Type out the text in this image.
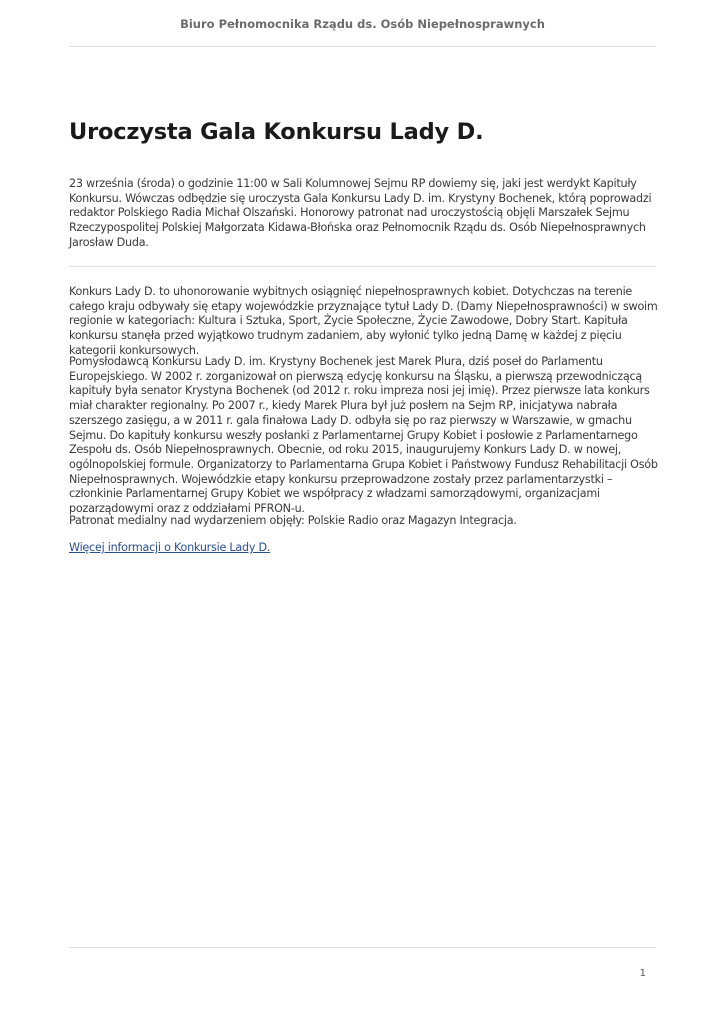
Biuro Pełnomocnika Rządu ds. Osób Niepełnosprawnych

Uroczysta Gala Konkursu Lady D.

23 września (środa) o godzinie 11:00 w Sali Kolumnowej Sejmu RP dowiemy się, jaki jest werdykt Kapituły Konkursu. Wówczas odbędzie się uroczysta Gala Konkursu Lady D. im. Krystyny Bochenek, którą poprowadzi redaktor Polskiego Radia Michał Olszański. Honorowy patronat nad uroczystością objęli Marszałek Sejmu Rzeczypospolitej Polskiej Małgorzata Kidawa-Błońska oraz Pełnomocnik Rządu ds. Osób Niepełnosprawnych Jarosław Duda.

Konkurs Lady D. to uhonorowanie wybitnych osiągnięć niepełnosprawnych kobiet. Dotychczas na terenie całego kraju odbywały się etapy wojewódzkie przyznające tytuł Lady D. (Damy Niepełnosprawności) w swoim regionie w kategoriach: Kultura i Sztuka, Sport, Życie Społeczne, Życie Zawodowe, Dobry Start. Kapituła konkursu stanęła przed wyjątkowo trudnym zadaniem, aby wyłonić tylko jedną Damę w każdej z pięciu kategorii konkursowych.

Pomysłodawcą Konkursu Lady D. im. Krystyny Bochenek jest Marek Plura, dziś poseł do Parlamentu Europejskiego. W 2002 r. zorganizował on pierwszą edycję konkursu na Śląsku, a pierwszą przewodniczącą kapituły była senator Krystyna Bochenek (od 2012 r. roku impreza nosi jej imię). Przez pierwsze lata konkurs miał charakter regionalny. Po 2007 r., kiedy Marek Plura był już posłem na Sejm RP, inicjatywa nabrała szerszego zasięgu, a w 2011 r. gala finałowa Lady D. odbyła się po raz pierwszy w Warszawie, w gmachu Sejmu. Do kapituły konkursu weszły posłanki z Parlamentarnej Grupy Kobiet i posłowie z Parlamentarnego Zespołu ds. Osób Niepełnosprawnych. Obecnie, od roku 2015, inaugurujemy Konkurs Lady D. w nowej, ogólnopolskiej formule. Organizatorzy to Parlamentarna Grupa Kobiet i Państwowy Fundusz Rehabilitacji Osób Niepełnosprawnych. Wojewódzkie etapy konkursu przeprowadzone zostały przez parlamentarzystki – członkinie Parlamentarnej Grupy Kobiet we współpracy z władzami samorządowymi, organizacjami pozarządowymi oraz z oddziałami PFRON-u.

Patronat medialny nad wydarzeniem objęły: Polskie Radio oraz Magazyn Integracja.

Więcej informacji o Konkursie Lady D.
1
